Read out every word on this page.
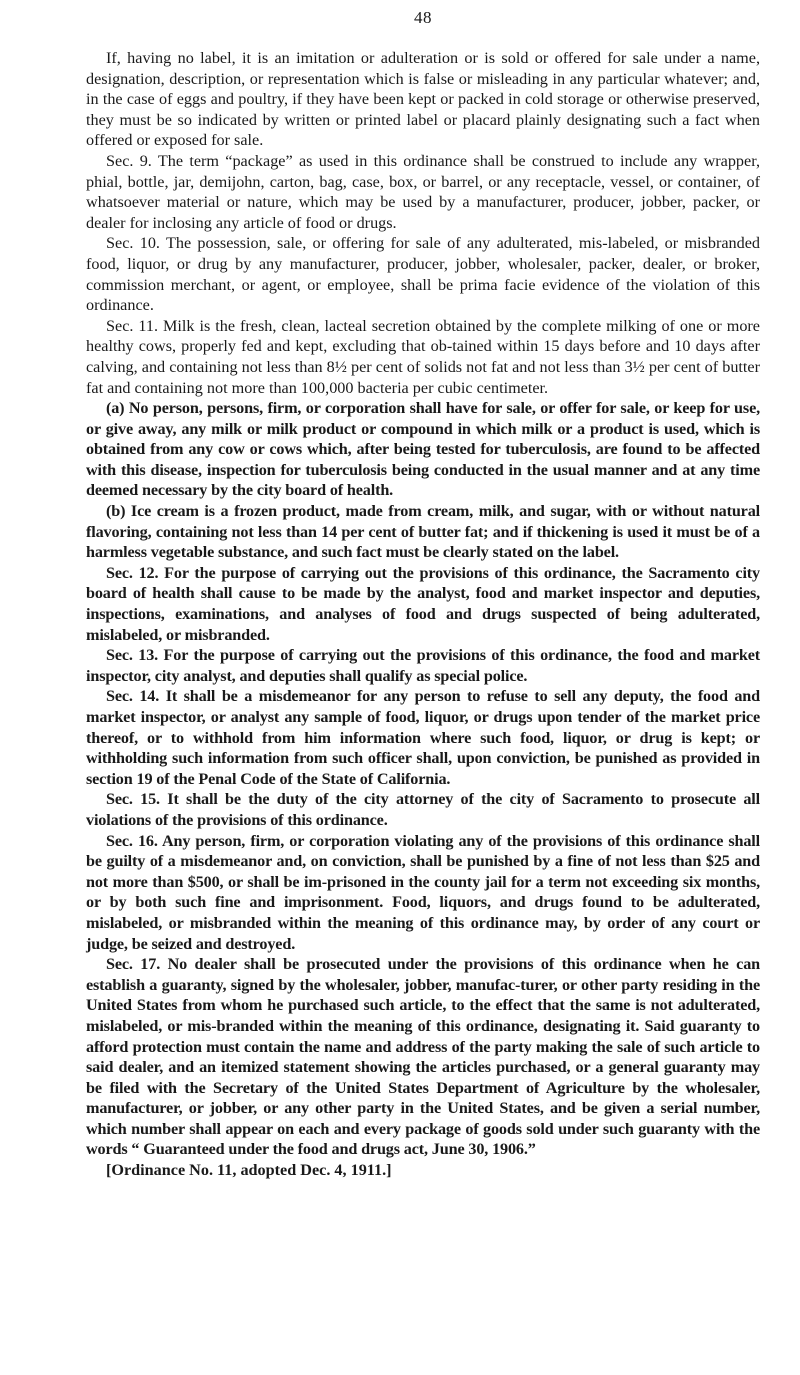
48

If, having no label, it is an imitation or adulteration or is sold or offered for sale under a name, designation, description, or representation which is false or misleading in any particular whatever; and, in the case of eggs and poultry, if they have been kept or packed in cold storage or otherwise preserved, they must be so indicated by written or printed label or placard plainly designating such a fact when offered or exposed for sale.

Sec. 9. The term “package” as used in this ordinance shall be construed to include any wrapper, phial, bottle, jar, demijohn, carton, bag, case, box, or barrel, or any receptacle, vessel, or container, of whatsoever material or nature, which may be used by a manufacturer, producer, jobber, packer, or dealer for inclosing any article of food or drugs.

Sec. 10. The possession, sale, or offering for sale of any adulterated, mis-labeled, or misbranded food, liquor, or drug by any manufacturer, producer, jobber, wholesaler, packer, dealer, or broker, commission merchant, or agent, or employee, shall be prima facie evidence of the violation of this ordinance.

Sec. 11. Milk is the fresh, clean, lacteal secretion obtained by the complete milking of one or more healthy cows, properly fed and kept, excluding that ob-tained within 15 days before and 10 days after calving, and containing not less than 8½ per cent of solids not fat and not less than 3½ per cent of butter fat and containing not more than 100,000 bacteria per cubic centimeter.

(a) No person, persons, firm, or corporation shall have for sale, or offer for sale, or keep for use, or give away, any milk or milk product or compound in which milk or a product is used, which is obtained from any cow or cows which, after being tested for tuberculosis, are found to be affected with this disease, inspection for tuberculosis being conducted in the usual manner and at any time deemed necessary by the city board of health.

(b) Ice cream is a frozen product, made from cream, milk, and sugar, with or without natural flavoring, containing not less than 14 per cent of butter fat; and if thickening is used it must be of a harmless vegetable substance, and such fact must be clearly stated on the label.

Sec. 12. For the purpose of carrying out the provisions of this ordinance, the Sacramento city board of health shall cause to be made by the analyst, food and market inspector and deputies, inspections, examinations, and analyses of food and drugs suspected of being adulterated, mislabeled, or misbranded.

Sec. 13. For the purpose of carrying out the provisions of this ordinance, the food and market inspector, city analyst, and deputies shall qualify as special police.

Sec. 14. It shall be a misdemeanor for any person to refuse to sell any deputy, the food and market inspector, or analyst any sample of food, liquor, or drugs upon tender of the market price thereof, or to withhold from him information where such food, liquor, or drug is kept; or withholding such information from such officer shall, upon conviction, be punished as provided in section 19 of the Penal Code of the State of California.

Sec. 15. It shall be the duty of the city attorney of the city of Sacramento to prosecute all violations of the provisions of this ordinance.

Sec. 16. Any person, firm, or corporation violating any of the provisions of this ordinance shall be guilty of a misdemeanor and, on conviction, shall be punished by a fine of not less than $25 and not more than $500, or shall be im-prisoned in the county jail for a term not exceeding six months, or by both such fine and imprisonment. Food, liquors, and drugs found to be adulterated, mislabeled, or misbranded within the meaning of this ordinance may, by order of any court or judge, be seized and destroyed.

Sec. 17. No dealer shall be prosecuted under the provisions of this ordinance when he can establish a guaranty, signed by the wholesaler, jobber, manufac-turer, or other party residing in the United States from whom he purchased such article, to the effect that the same is not adulterated, mislabeled, or mis-branded within the meaning of this ordinance, designating it. Said guaranty to afford protection must contain the name and address of the party making the sale of such article to said dealer, and an itemized statement showing the articles purchased, or a general guaranty may be filed with the Secretary of the United States Department of Agriculture by the wholesaler, manufacturer, or jobber, or any other party in the United States, and be given a serial number, which number shall appear on each and every package of goods sold under such guaranty with the words “ Guaranteed under the food and drugs act, June 30, 1906.”

[Ordinance No. 11, adopted Dec. 4, 1911.]
